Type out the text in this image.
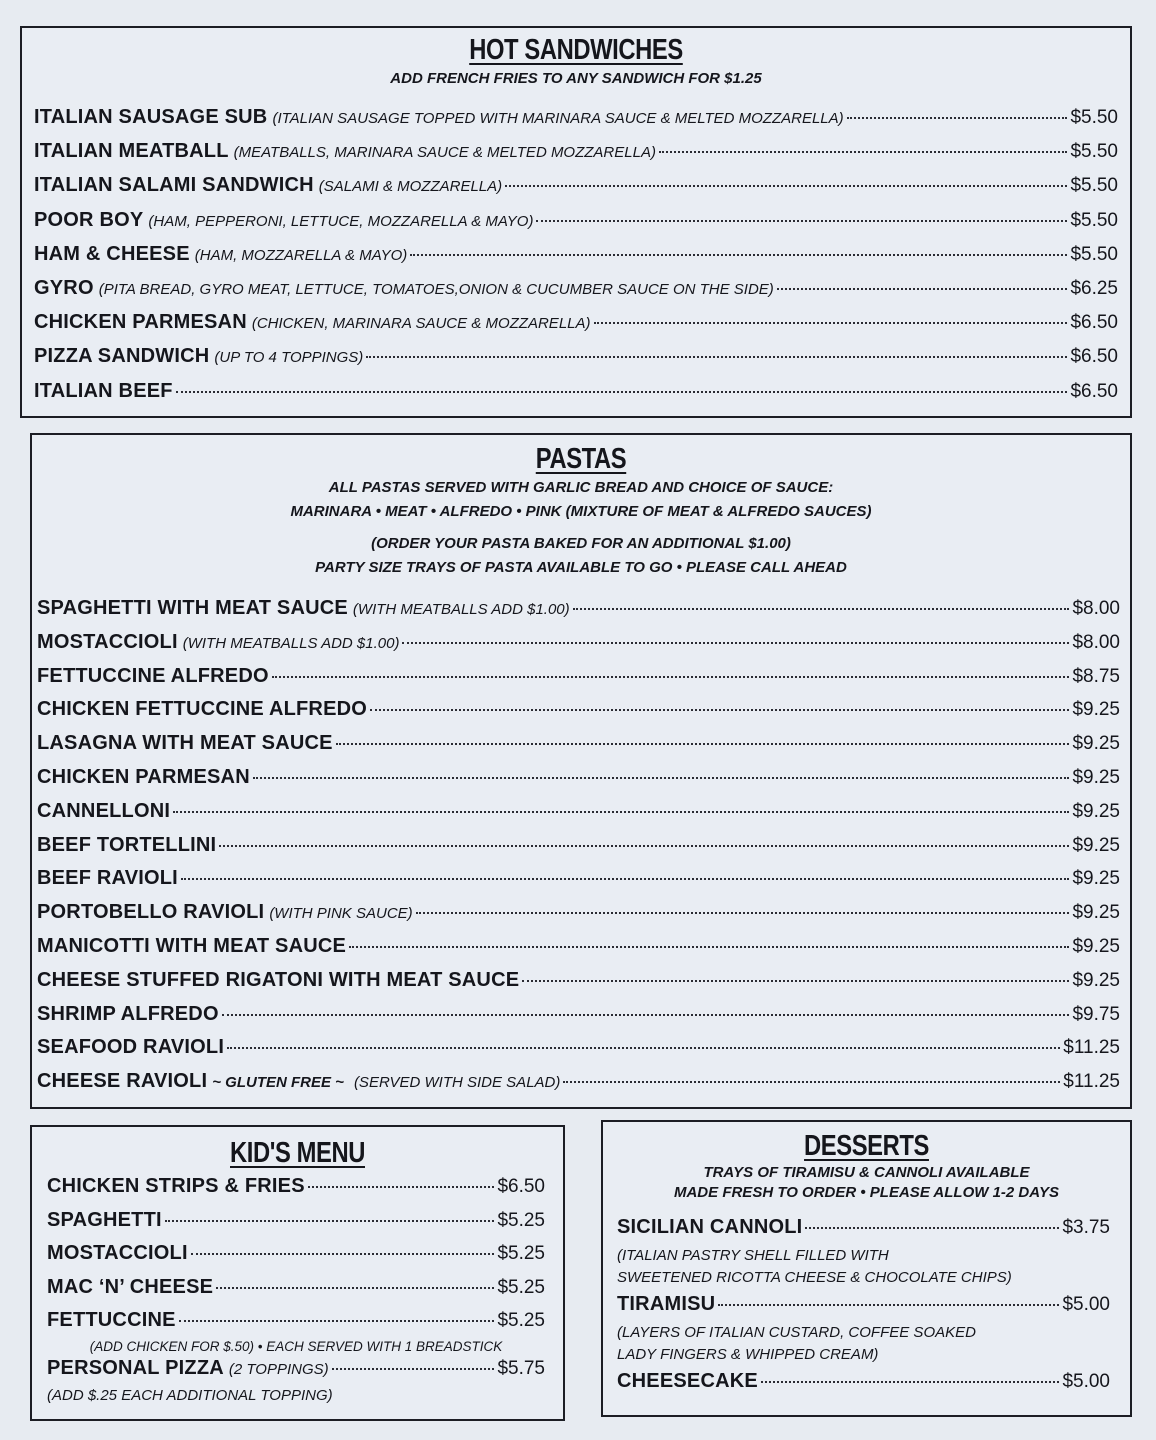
HOT SANDWICHES
ADD FRENCH FRIES TO ANY SANDWICH FOR $1.25
ITALIAN SAUSAGE SUB (ITALIAN SAUSAGE TOPPED WITH MARINARA SAUCE & MELTED MOZZARELLA)	$5.50
ITALIAN MEATBALL (MEATBALLS, MARINARA SAUCE & MELTED MOZZARELLA)	$5.50
ITALIAN SALAMI SANDWICH (SALAMI & MOZZARELLA)	$5.50
POOR BOY (HAM, PEPPERONI, LETTUCE, MOZZARELLA & MAYO)	$5.50
HAM & CHEESE (HAM, MOZZARELLA & MAYO)	$5.50
GYRO (PITA BREAD, GYRO MEAT, LETTUCE, TOMATOES,ONION & CUCUMBER SAUCE ON THE SIDE)	$6.25
CHICKEN PARMESAN (CHICKEN, MARINARA SAUCE & MOZZARELLA)	$6.50
PIZZA SANDWICH (UP TO 4 TOPPINGS)	$6.50
ITALIAN BEEF	$6.50
PASTAS
ALL PASTAS SERVED WITH GARLIC BREAD AND CHOICE OF SAUCE:
MARINARA • MEAT • ALFREDO • PINK (MIXTURE OF MEAT & ALFREDO SAUCES)
(ORDER YOUR PASTA BAKED FOR AN ADDITIONAL $1.00)
PARTY SIZE TRAYS OF PASTA AVAILABLE TO GO • PLEASE CALL AHEAD
SPAGHETTI WITH MEAT SAUCE (WITH MEATBALLS ADD $1.00)	$8.00
MOSTACCIOLI (WITH MEATBALLS ADD $1.00)	$8.00
FETTUCCINE ALFREDO	$8.75
CHICKEN FETTUCCINE ALFREDO	$9.25
LASAGNA WITH MEAT SAUCE	$9.25
CHICKEN PARMESAN	$9.25
CANNELLONI	$9.25
BEEF TORTELLINI	$9.25
BEEF RAVIOLI	$9.25
PORTOBELLO RAVIOLI (WITH PINK SAUCE)	$9.25
MANICOTTI WITH MEAT SAUCE	$9.25
CHEESE STUFFED RIGATONI WITH MEAT SAUCE	$9.25
SHRIMP ALFREDO	$9.75
SEAFOOD RAVIOLI	$11.25
CHEESE RAVIOLI ~ GLUTEN FREE ~ (SERVED WITH SIDE SALAD)	$11.25
KID'S MENU
CHICKEN STRIPS & FRIES	$6.50
SPAGHETTI	$5.25
MOSTACCIOLI	$5.25
MAC ‘N’ CHEESE	$5.25
FETTUCCINE	$5.25
(ADD CHICKEN FOR $.50) • EACH SERVED WITH 1 BREADSTICK
PERSONAL PIZZA (2 TOPPINGS)	$5.75
(ADD $.25 EACH ADDITIONAL TOPPING)
DESSERTS
TRAYS OF TIRAMISU & CANNOLI AVAILABLE
MADE FRESH TO ORDER • PLEASE ALLOW 1-2 DAYS
SICILIAN CANNOLI	$3.75
(ITALIAN PASTRY SHELL FILLED WITH
SWEETENED RICOTTA CHEESE & CHOCOLATE CHIPS)
TIRAMISU	$5.00
(LAYERS OF ITALIAN CUSTARD, COFFEE SOAKED
LADY FINGERS & WHIPPED CREAM)
CHEESECAKE	$5.00
